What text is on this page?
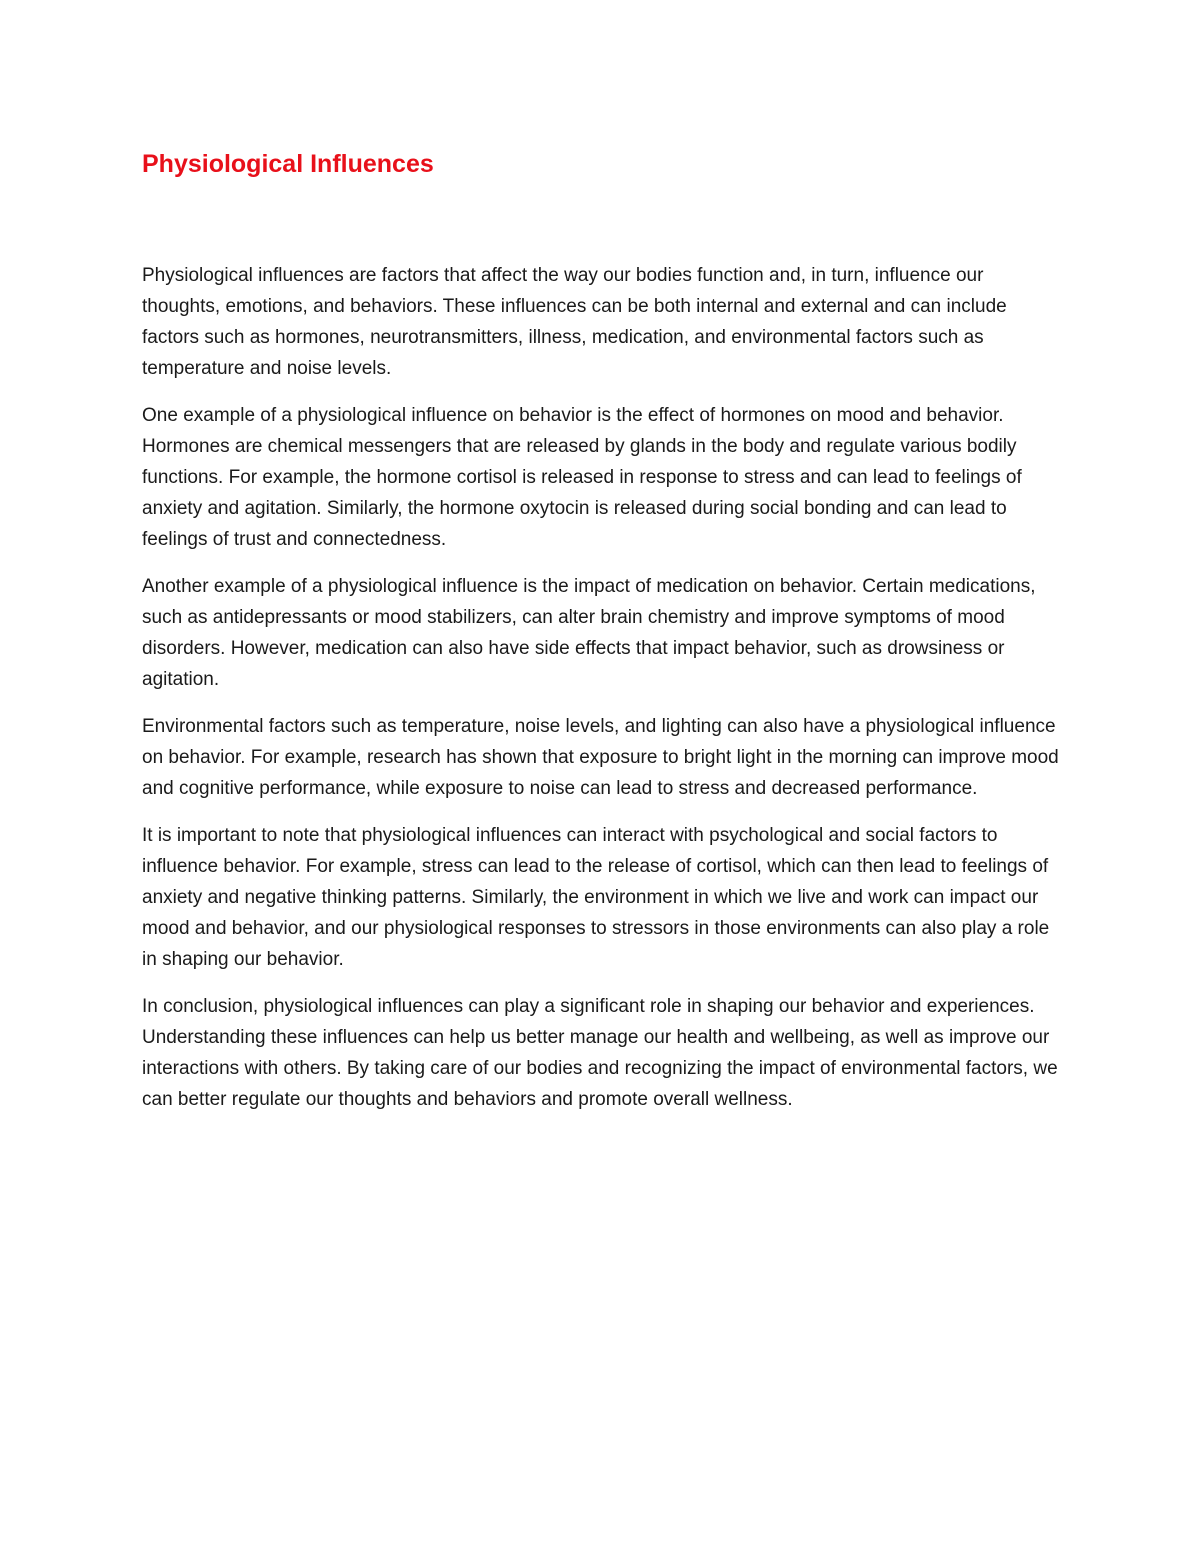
Physiological Influences

Physiological influences are factors that affect the way our bodies function and, in turn, influence our thoughts, emotions, and behaviors. These influences can be both internal and external and can include factors such as hormones, neurotransmitters, illness, medication, and environmental factors such as temperature and noise levels.

One example of a physiological influence on behavior is the effect of hormones on mood and behavior. Hormones are chemical messengers that are released by glands in the body and regulate various bodily functions. For example, the hormone cortisol is released in response to stress and can lead to feelings of anxiety and agitation. Similarly, the hormone oxytocin is released during social bonding and can lead to feelings of trust and connectedness.

Another example of a physiological influence is the impact of medication on behavior. Certain medications, such as antidepressants or mood stabilizers, can alter brain chemistry and improve symptoms of mood disorders. However, medication can also have side effects that impact behavior, such as drowsiness or agitation.

Environmental factors such as temperature, noise levels, and lighting can also have a physiological influence on behavior. For example, research has shown that exposure to bright light in the morning can improve mood and cognitive performance, while exposure to noise can lead to stress and decreased performance.

It is important to note that physiological influences can interact with psychological and social factors to influence behavior. For example, stress can lead to the release of cortisol, which can then lead to feelings of anxiety and negative thinking patterns. Similarly, the environment in which we live and work can impact our mood and behavior, and our physiological responses to stressors in those environments can also play a role in shaping our behavior.

In conclusion, physiological influences can play a significant role in shaping our behavior and experiences. Understanding these influences can help us better manage our health and wellbeing, as well as improve our interactions with others. By taking care of our bodies and recognizing the impact of environmental factors, we can better regulate our thoughts and behaviors and promote overall wellness.
